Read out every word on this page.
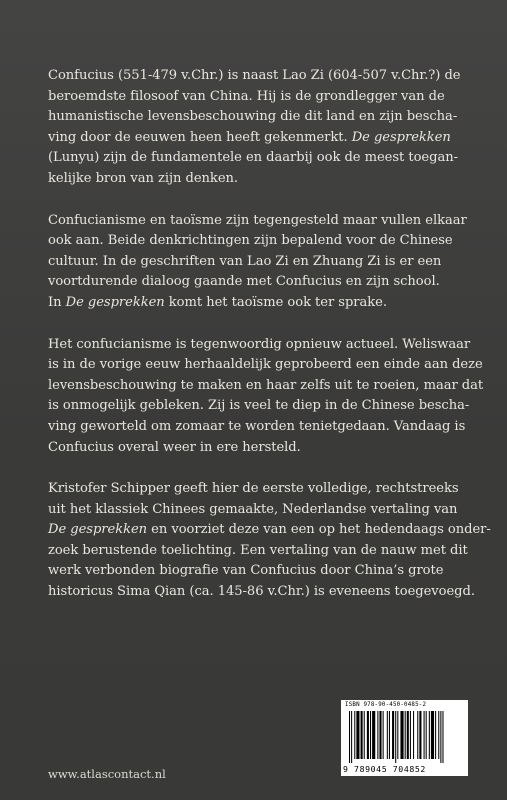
Confucius (551-479 v.Chr.) is naast Lao Zi (604-507 v.Chr.?) de
beroemdste filosoof van China. Hij is de grondlegger van de
humanistische levensbeschouwing die dit land en zijn bescha-
ving door de eeuwen heen heeft gekenmerkt. De gesprekken
(Lunyu) zijn de fundamentele en daarbij ook de meest toegan-
kelijke bron van zijn denken.

Confucianisme en taoïsme zijn tegengesteld maar vullen elkaar
ook aan. Beide denkrichtingen zijn bepalend voor de Chinese
cultuur. In de geschriften van Lao Zi en Zhuang Zi is er een
voortdurende dialoog gaande met Confucius en zijn school.
In De gesprekken komt het taoïsme ook ter sprake.

Het confucianisme is tegenwoordig opnieuw actueel. Weliswaar
is in de vorige eeuw herhaaldelijk geprobeerd een einde aan deze
levensbeschouwing te maken en haar zelfs uit te roeien, maar dat
is onmogelijk gebleken. Zij is veel te diep in de Chinese bescha-
ving geworteld om zomaar te worden tenietgedaan. Vandaag is
Confucius overal weer in ere hersteld.

Kristofer Schipper geeft hier de eerste volledige, rechtstreeks
uit het klassiek Chinees gemaakte, Nederlandse vertaling van
De gesprekken en voorziet deze van een op het hedendaags onder-
zoek berustende toelichting. Een vertaling van de nauw met dit
werk verbonden biografie van Confucius door China’s grote
historicus Sima Qian (ca. 145-86 v.Chr.) is eveneens toegevoegd.

www.atlascontact.nl
ISBN 978-90-450-0485-2
9 789045 704852
